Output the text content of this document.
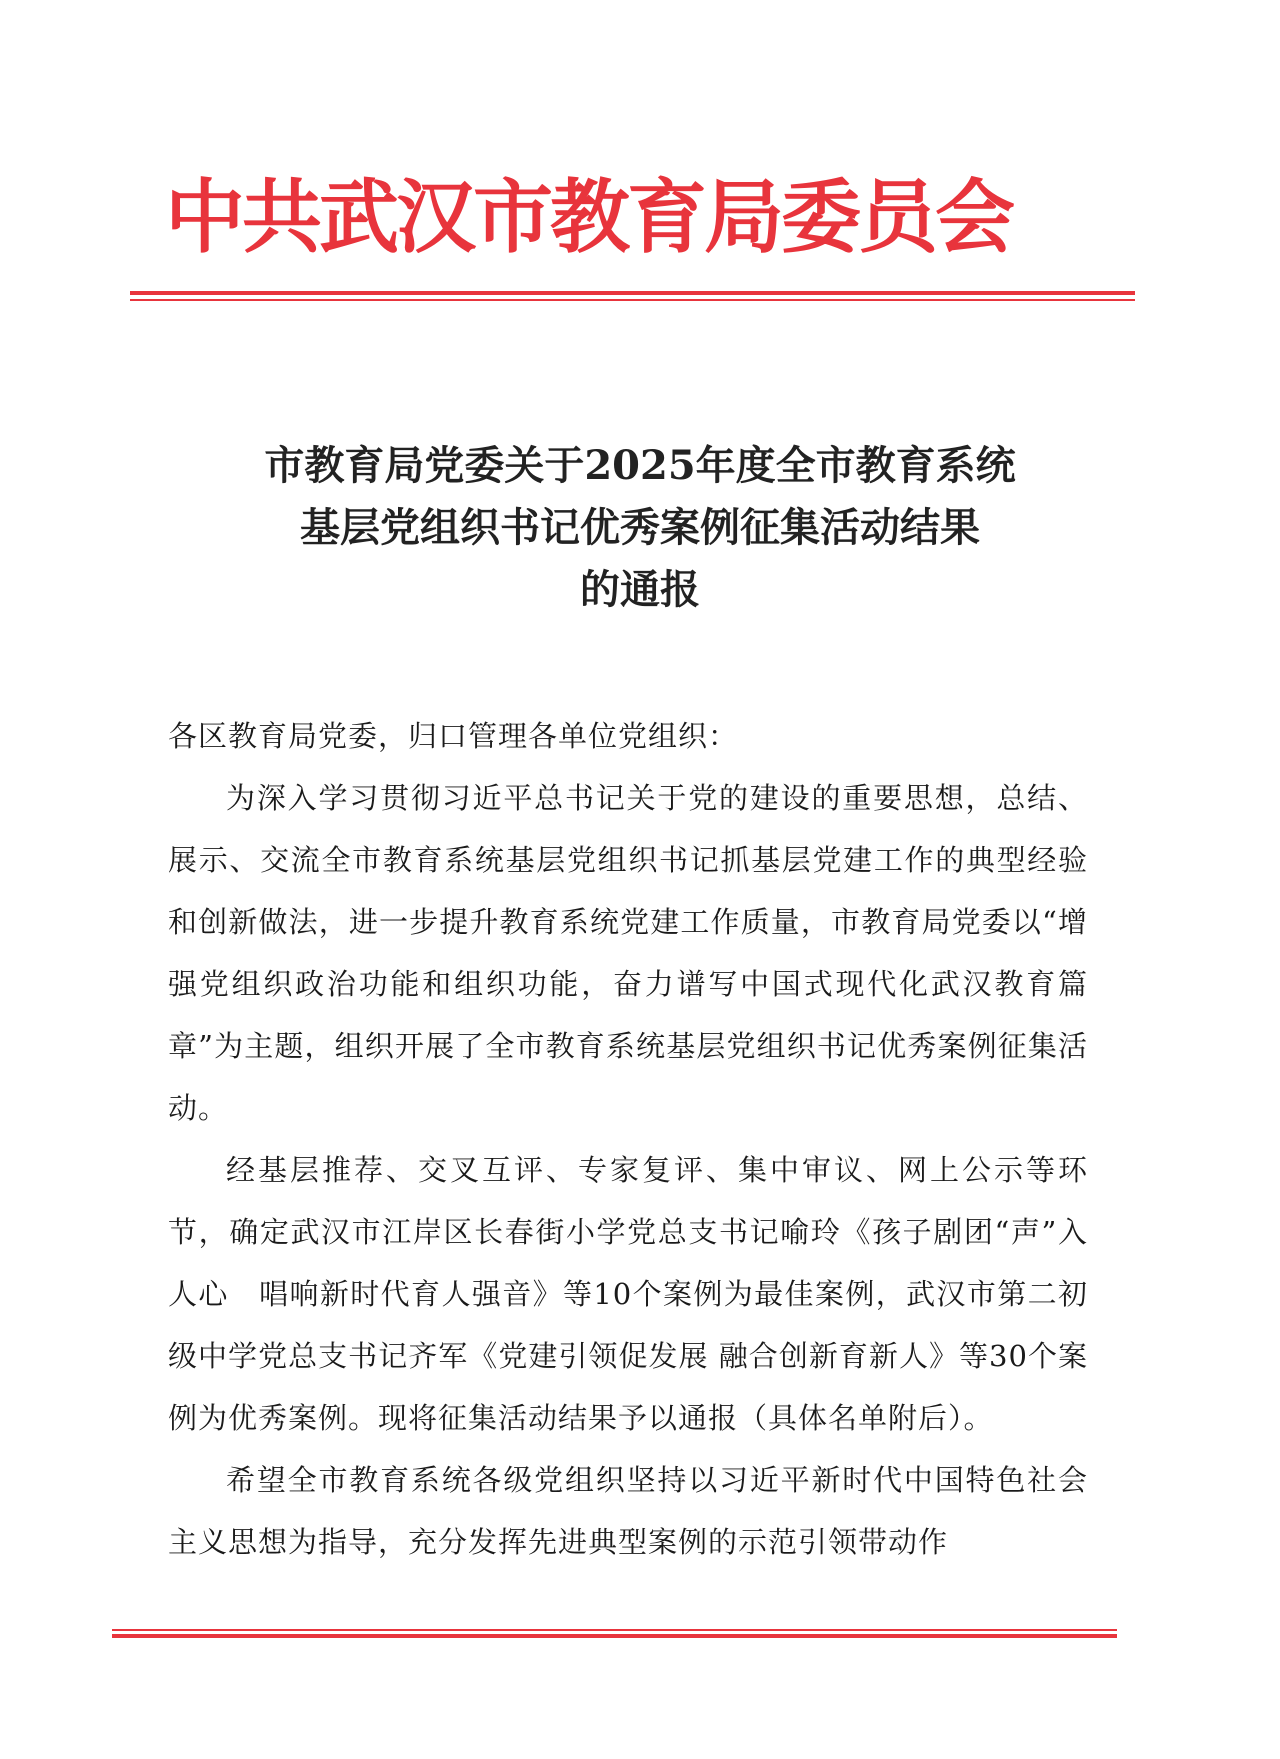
中共武汉市教育局委员会
市教育局党委关于2025年度全市教育系统
基层党组织书记优秀案例征集活动结果
的通报

各区教育局党委，归口管理各单位党组织：

为深入学习贯彻习近平总书记关于党的建设的重要思想，总结、展示、交流全市教育系统基层党组织书记抓基层党建工作的典型经验和创新做法，进一步提升教育系统党建工作质量，市教育局党委以“增强党组织政治功能和组织功能，奋力谱写中国式现代化武汉教育篇章”为主题，组织开展了全市教育系统基层党组织书记优秀案例征集活动。

经基层推荐、交叉互评、专家复评、集中审议、网上公示等环节，确定武汉市江岸区长春街小学党总支书记喻玲《孩子剧团“声”入人心　唱响新时代育人强音》等10个案例为最佳案例，武汉市第二初级中学党总支书记齐军《党建引领促发展 融合创新育新人》等30个案例为优秀案例。现将征集活动结果予以通报（具体名单附后）。

希望全市教育系统各级党组织坚持以习近平新时代中国特色社会主义思想为指导，充分发挥先进典型案例的示范引领带动作
